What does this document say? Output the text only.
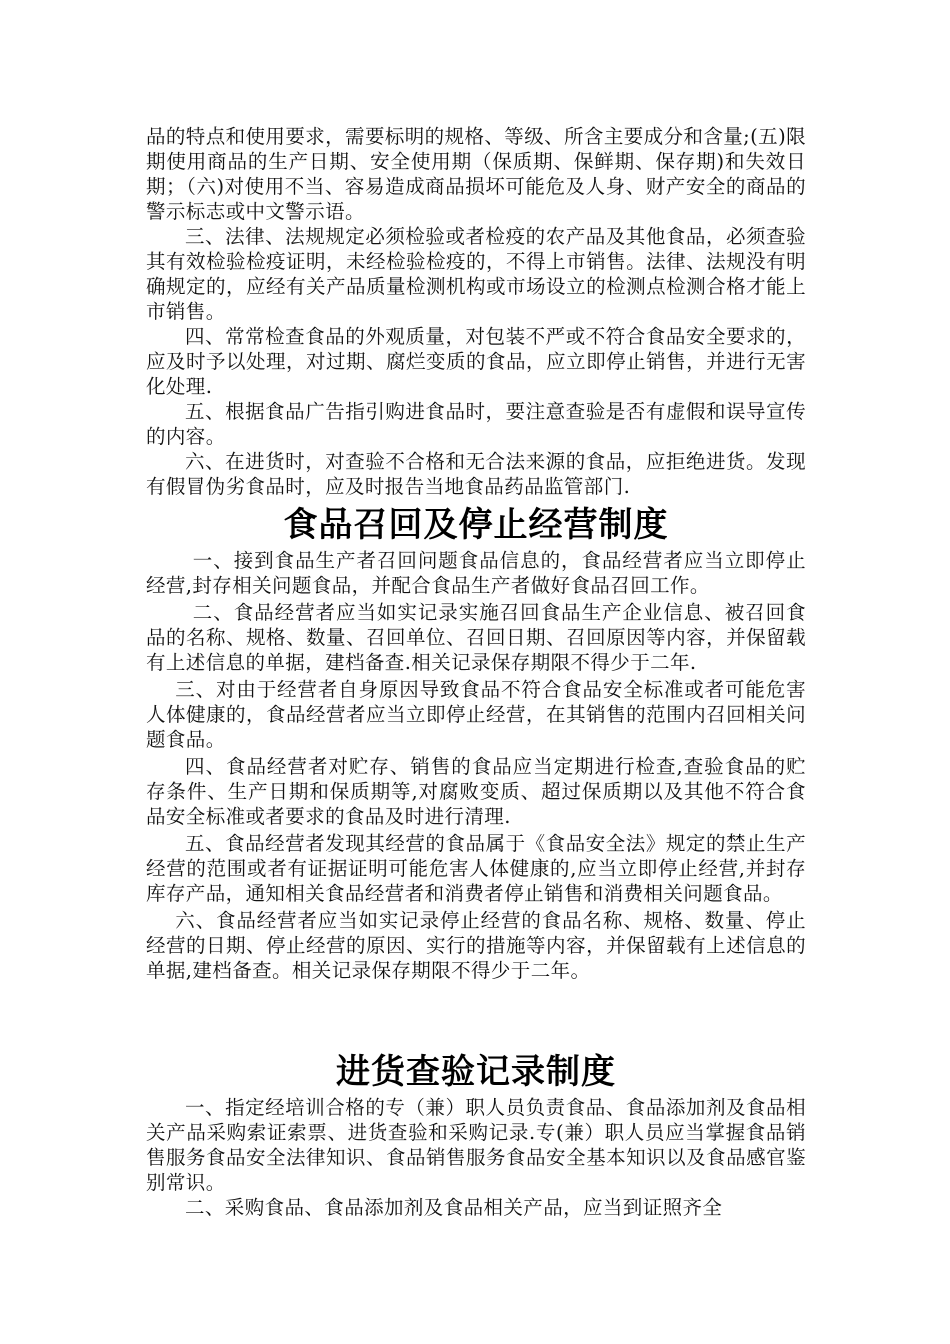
品的特点和使用要求，需要标明的规格、等级、所含主要成分和含量;(五)限期使用商品的生产日期、安全使用期（保质期、保鲜期、保存期)和失效日期；（六)对使用不当、容易造成商品损坏可能危及人身、财产安全的商品的警示标志或中文警示语。

三、法律、法规规定必须检验或者检疫的农产品及其他食品，必须查验其有效检验检疫证明，未经检验检疫的，不得上市销售。法律、法规没有明确规定的，应经有关产品质量检测机构或市场设立的检测点检测合格才能上市销售。

四、常常检查食品的外观质量，对包装不严或不符合食品安全要求的，应及时予以处理，对过期、腐烂变质的食品，应立即停止销售，并进行无害化处理.

五、根据食品广告指引购进食品时，要注意查验是否有虚假和误导宣传的内容。

六、在进货时，对查验不合格和无合法来源的食品，应拒绝进货。发现有假冒伪劣食品时，应及时报告当地食品药品监管部门.

食品召回及停止经营制度

一、接到食品生产者召回问题食品信息的，食品经营者应当立即停止经营,封存相关问题食品，并配合食品生产者做好食品召回工作。

二、食品经营者应当如实记录实施召回食品生产企业信息、被召回食品的名称、规格、数量、召回单位、召回日期、召回原因等内容，并保留载有上述信息的单据，建档备查.相关记录保存期限不得少于二年.

三、对由于经营者自身原因导致食品不符合食品安全标准或者可能危害人体健康的，食品经营者应当立即停止经营，在其销售的范围内召回相关问题食品。

四、食品经营者对贮存、销售的食品应当定期进行检查,查验食品的贮存条件、生产日期和保质期等,对腐败变质、超过保质期以及其他不符合食品安全标准或者要求的食品及时进行清理.

五、食品经营者发现其经营的食品属于《食品安全法》规定的禁止生产经营的范围或者有证据证明可能危害人体健康的,应当立即停止经营,并封存库存产品，通知相关食品经营者和消费者停止销售和消费相关问题食品。

六、食品经营者应当如实记录停止经营的食品名称、规格、数量、停止经营的日期、停止经营的原因、实行的措施等内容，并保留载有上述信息的单据,建档备查。相关记录保存期限不得少于二年。

进货查验记录制度

一、指定经培训合格的专（兼）职人员负责食品、食品添加剂及食品相关产品采购索证索票、进货查验和采购记录.专(兼）职人员应当掌握食品销售服务食品安全法律知识、食品销售服务食品安全基本知识以及食品感官鉴别常识。

二、采购食品、食品添加剂及食品相关产品，应当到证照齐全
